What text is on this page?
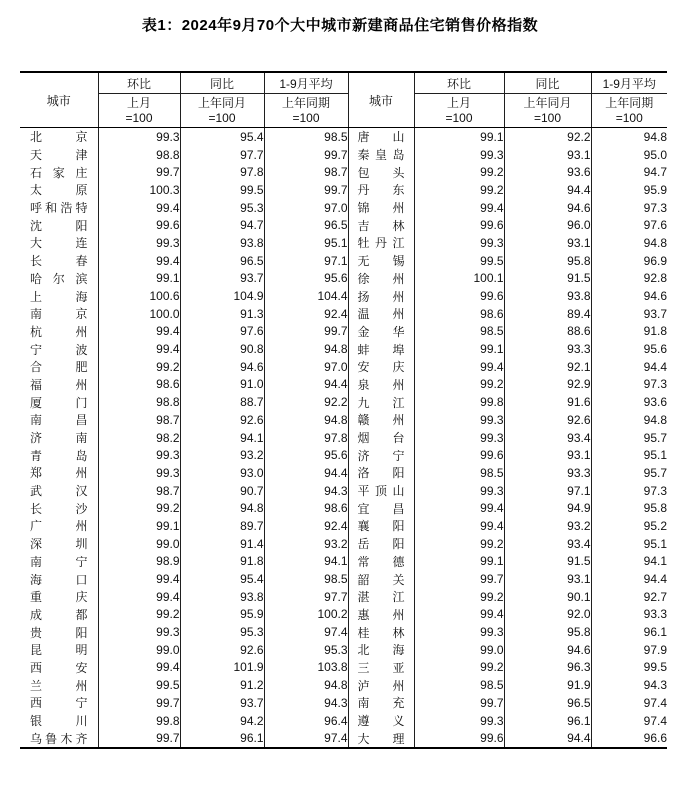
表1：2024年9月70个大中城市新建商品住宅销售价格指数
城市	环比	同比	1-9月平均	城市	环比	同比	1-9月平均

	上月
=100	上年同月
=100	上年同期
=100		上月
=100	上年同月
=100	上年同期
=100

北京	99.3	95.4	98.5	唐山	99.1	92.2	94.8

天津	98.8	97.7	99.7	秦皇岛	99.3	93.1	95.0

石家庄	99.7	97.8	98.7	包头	99.2	93.6	94.7

太原	100.3	99.5	99.7	丹东	99.2	94.4	95.9

呼和浩特	99.4	95.3	97.0	锦州	99.4	94.6	97.3

沈阳	99.6	94.7	96.5	吉林	99.6	96.0	97.6

大连	99.3	93.8	95.1	牡丹江	99.3	93.1	94.8

长春	99.4	96.5	97.1	无锡	99.5	95.8	96.9

哈尔滨	99.1	93.7	95.6	徐州	100.1	91.5	92.8

上海	100.6	104.9	104.4	扬州	99.6	93.8	94.6

南京	100.0	91.3	92.4	温州	98.6	89.4	93.7

杭州	99.4	97.6	99.7	金华	98.5	88.6	91.8

宁波	99.4	90.8	94.8	蚌埠	99.1	93.3	95.6

合肥	99.2	94.6	97.0	安庆	99.4	92.1	94.4

福州	98.6	91.0	94.4	泉州	99.2	92.9	97.3

厦门	98.8	88.7	92.2	九江	99.8	91.6	93.6

南昌	98.7	92.6	94.8	赣州	99.3	92.6	94.8

济南	98.2	94.1	97.8	烟台	99.3	93.4	95.7

青岛	99.3	93.2	95.6	济宁	99.6	93.1	95.1

郑州	99.3	93.0	94.4	洛阳	98.5	93.3	95.7

武汉	98.7	90.7	94.3	平顶山	99.3	97.1	97.3

长沙	99.2	94.8	98.6	宜昌	99.4	94.9	95.8

广州	99.1	89.7	92.4	襄阳	99.4	93.2	95.2

深圳	99.0	91.4	93.2	岳阳	99.2	93.4	95.1

南宁	98.9	91.8	94.1	常德	99.1	91.5	94.1

海口	99.4	95.4	98.5	韶关	99.7	93.1	94.4

重庆	99.4	93.8	97.7	湛江	99.2	90.1	92.7

成都	99.2	95.9	100.2	惠州	99.4	92.0	93.3

贵阳	99.3	95.3	97.4	桂林	99.3	95.8	96.1

昆明	99.0	92.6	95.3	北海	99.0	94.6	97.9

西安	99.4	101.9	103.8	三亚	99.2	96.3	99.5

兰州	99.5	91.2	94.8	泸州	98.5	91.9	94.3

西宁	99.7	93.7	94.3	南充	99.7	96.5	97.4

银川	99.8	94.2	96.4	遵义	99.3	96.1	97.4

乌鲁木齐	99.7	96.1	97.4	大理	99.6	94.4	96.6
